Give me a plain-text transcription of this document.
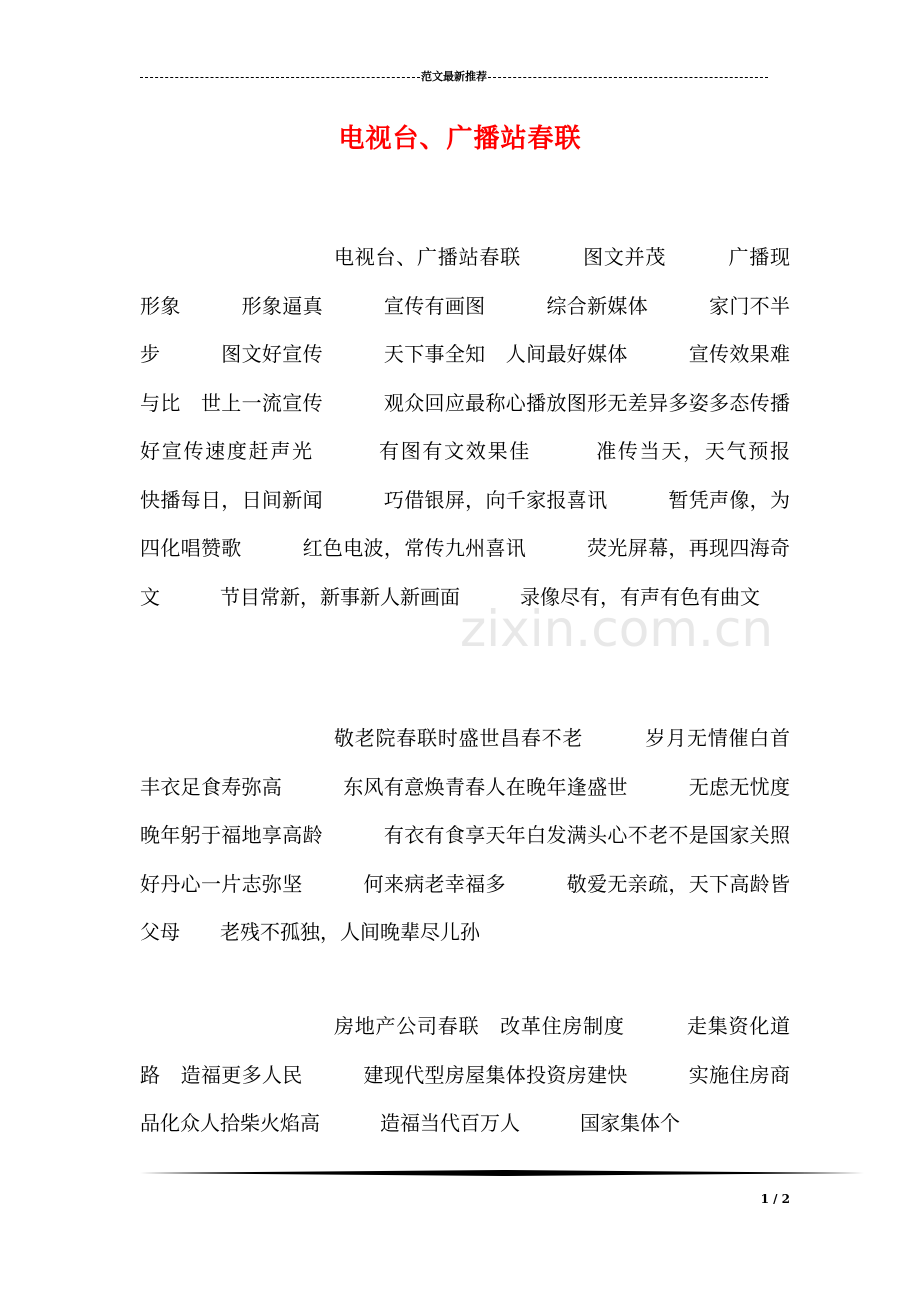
范文最新推荐
电视台、广播站春联
电视台、广播站春联　　　图文并茂　　　广播现形象　　　形象逼真　　　宣传有画图　　　综合新媒体　　　家门不半步　　　图文好宣传　　　天下事全知　人间最好媒体　　　宣传效果难与比　世上一流宣传　　　观众回应最称心播放图形无差异多姿多态传播好宣传速度赶声光　　　有图有文效果佳　　　准传当天，天气预报　　　快播每日，日间新闻　　　巧借银屏，向千家报喜讯　　　暂凭声像，为四化唱赞歌　　　红色电波，常传九州喜讯　　　荧光屏幕，再现四海奇文　　　节目常新，新事新人新画面　　　录像尽有，有声有色有曲文
敬老院春联时盛世昌春不老　　　岁月无情催白首丰衣足食寿弥高　　　东风有意焕青春人在晚年逢盛世　　　无虑无忧度晚年躬于福地享高龄　　　有衣有食享天年白发满头心不老不是国家关照好丹心一片志弥坚　　　何来病老幸福多　　　敬爱无亲疏，天下高龄皆父母　　老残不孤独，人间晚辈尽儿孙
房地产公司春联　改革住房制度　　　走集资化道路　造福更多人民　　　建现代型房屋集体投资房建快　　　实施住房商品化众人拾柴火焰高　　　造福当代百万人　　　国家集体个
zixin.com.cn
1 / 2
